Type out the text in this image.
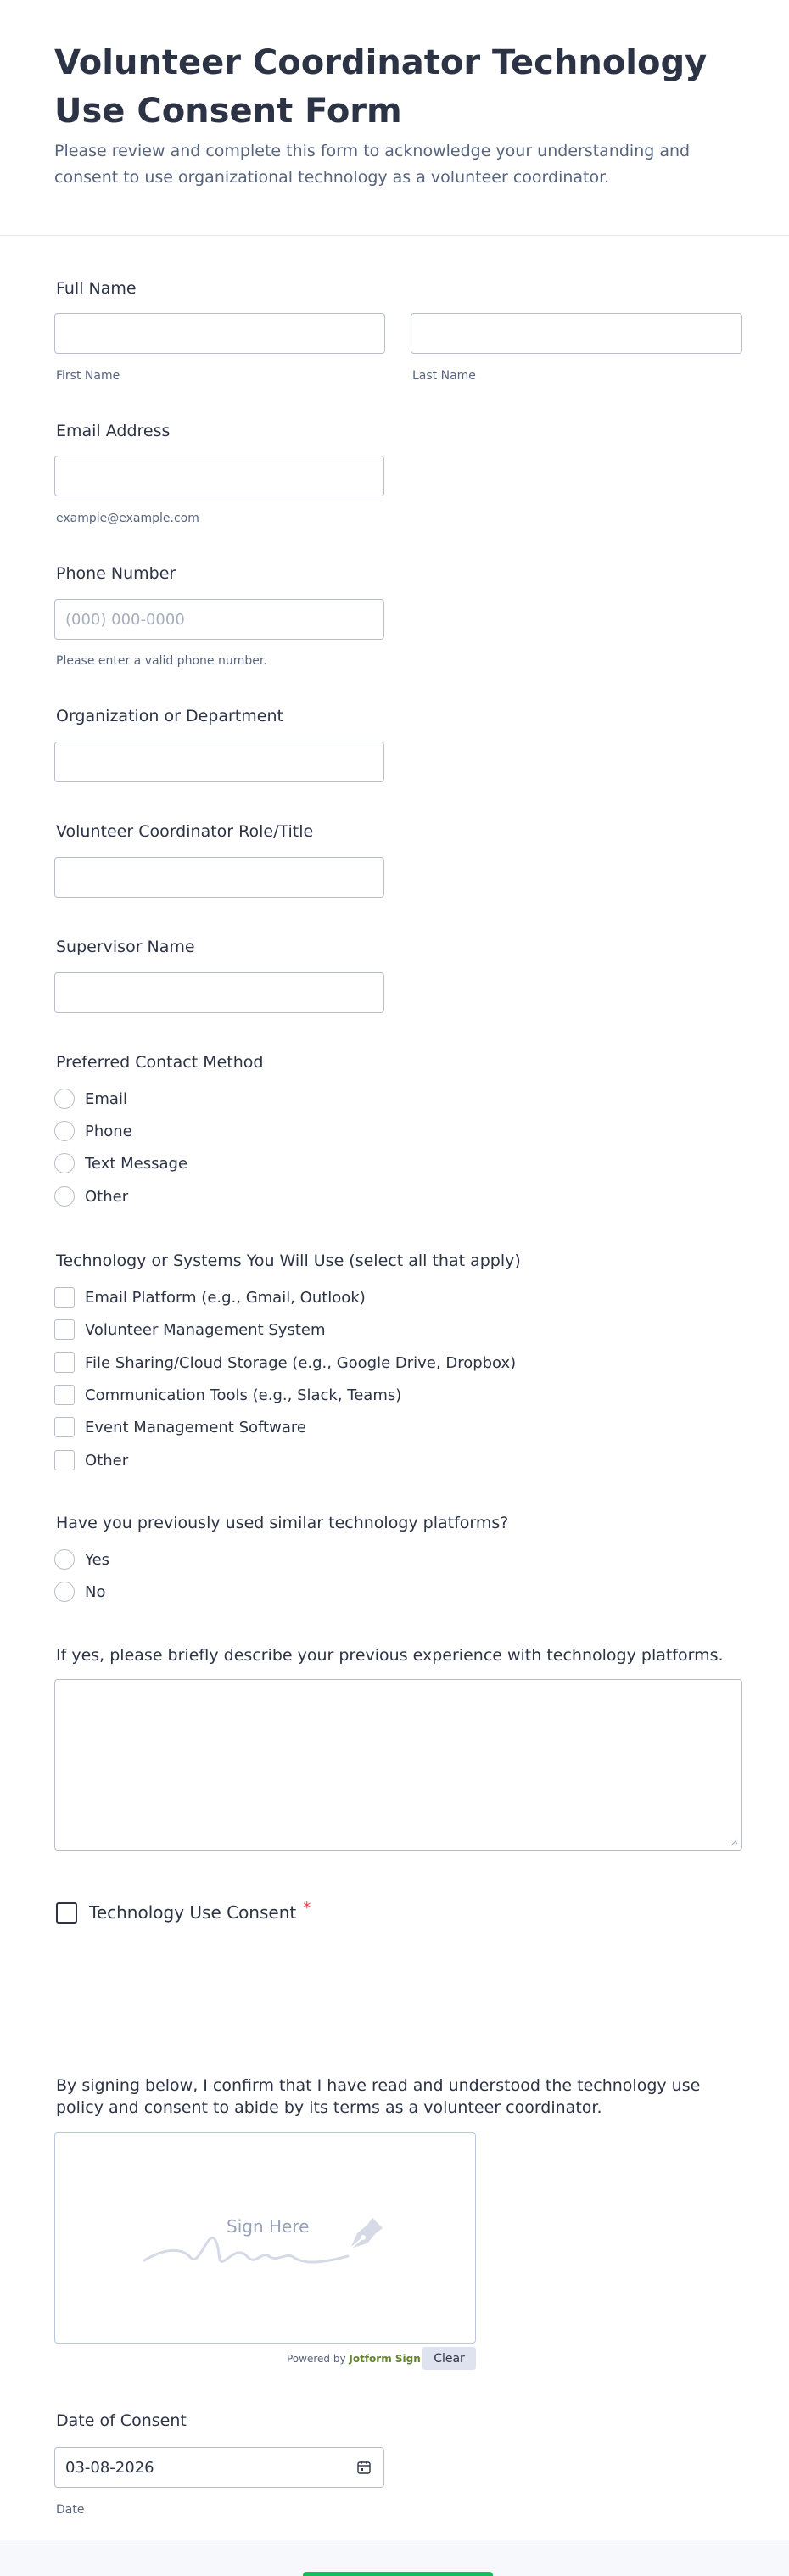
Volunteer Coordinator Technology Use Consent Form

Please review and complete this form to acknowledge your understanding and consent to use organizational technology as a volunteer coordinator.

Full Name
First Name	Last Name
Email Address
example@example.com
Phone Number
(000) 000-0000
Please enter a valid phone number.
Organization or Department
Volunteer Coordinator Role/Title
Supervisor Name
Preferred Contact Method
Email
Phone
Text Message
Other
Technology or Systems You Will Use (select all that apply)
Email Platform (e.g., Gmail, Outlook)
Volunteer Management System
File Sharing/Cloud Storage (e.g., Google Drive, Dropbox)
Communication Tools (e.g., Slack, Teams)
Event Management Software
Other
Have you previously used similar technology platforms?
Yes
No
If yes, please briefly describe your previous experience with technology platforms.
Technology Use Consent *
By signing below, I confirm that I have read and understood the technology use policy and consent to abide by its terms as a volunteer coordinator.
Sign Here
Powered by Jotform Sign	Clear
Date of Consent
03-08-2026
Date
